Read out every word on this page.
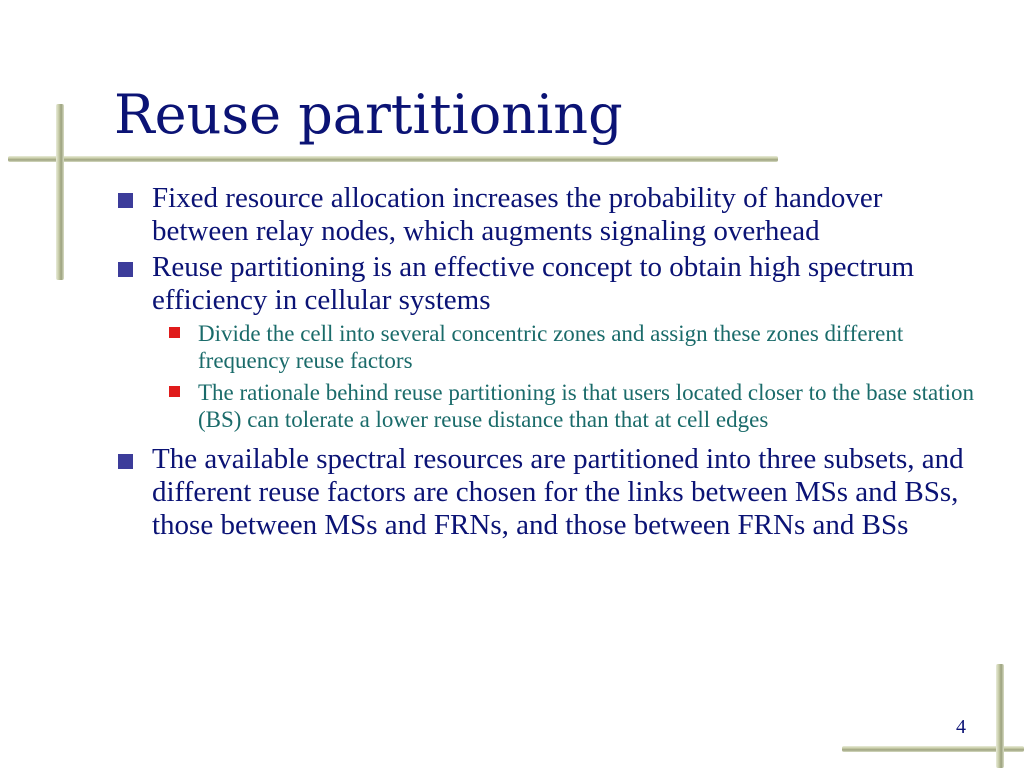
Reuse partitioning
Fixed resource allocation increases the probability of handover between relay nodes, which augments signaling overhead
Reuse partitioning is an effective concept to obtain high spectrum efficiency in cellular systems
Divide the cell into several concentric zones and assign these zones different frequency reuse factors
The rationale behind reuse partitioning is that users located closer to the base station (BS) can tolerate a lower reuse distance than that at cell edges
The available spectral resources are partitioned into three subsets, and different reuse factors are chosen for the links between MSs and BSs, those between MSs and FRNs, and those between FRNs and BSs
4
